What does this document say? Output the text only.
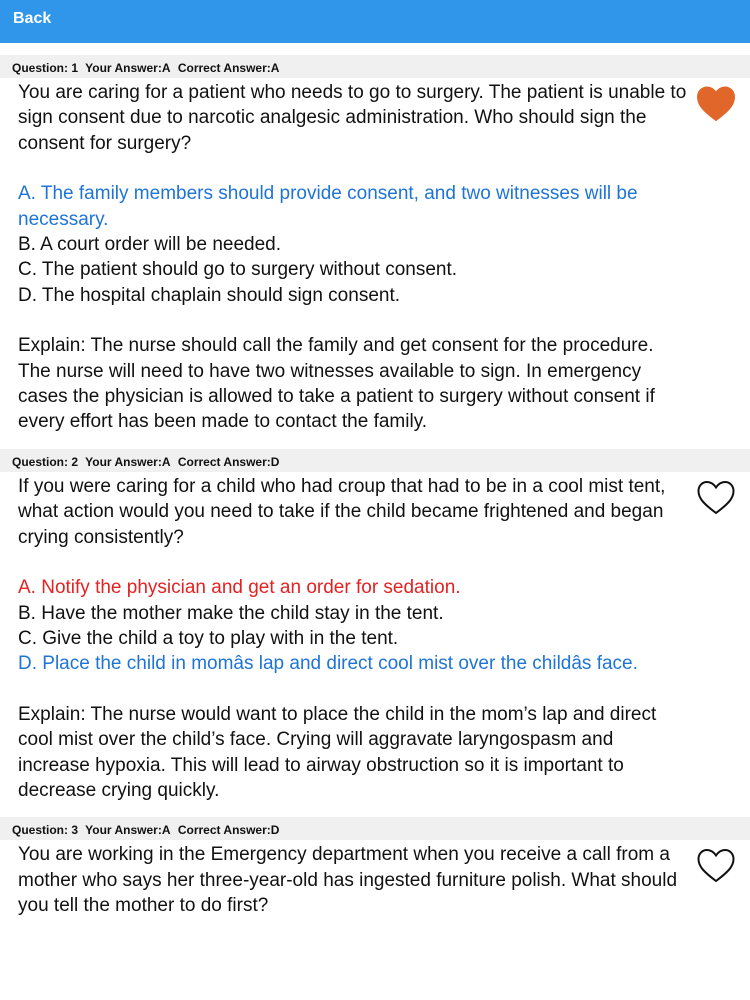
Back
Question: 1 Your Answer:A Correct Answer:A

You are caring for a patient who needs to go to surgery. The patient is unable to sign consent due to narcotic analgesic administration. Who should sign the consent for surgery?

A. The family members should provide consent, and two witnesses will be necessary.

B. A court order will be needed.

C. The patient should go to surgery without consent.

D. The hospital chaplain should sign consent.

Explain: The nurse should call the family and get consent for the procedure. The nurse will need to have two witnesses available to sign. In emergency cases the physician is allowed to take a patient to surgery without consent if every effort has been made to contact the family.

Question: 2 Your Answer:A Correct Answer:D

If you were caring for a child who had croup that had to be in a cool mist tent, what action would you need to take if the child became frightened and began crying consistently?

A. Notify the physician and get an order for sedation.

B. Have the mother make the child stay in the tent.

C. Give the child a toy to play with in the tent.

D. Place the child in momâs lap and direct cool mist over the childâs face.

Explain: The nurse would want to place the child in the mom’s lap and direct cool mist over the child’s face. Crying will aggravate laryngospasm and increase hypoxia. This will lead to airway obstruction so it is important to decrease crying quickly.

Question: 3 Your Answer:A Correct Answer:D

You are working in the Emergency department when you receive a call from a mother who says her three-year-old has ingested furniture polish. What should you tell the mother to do first?
